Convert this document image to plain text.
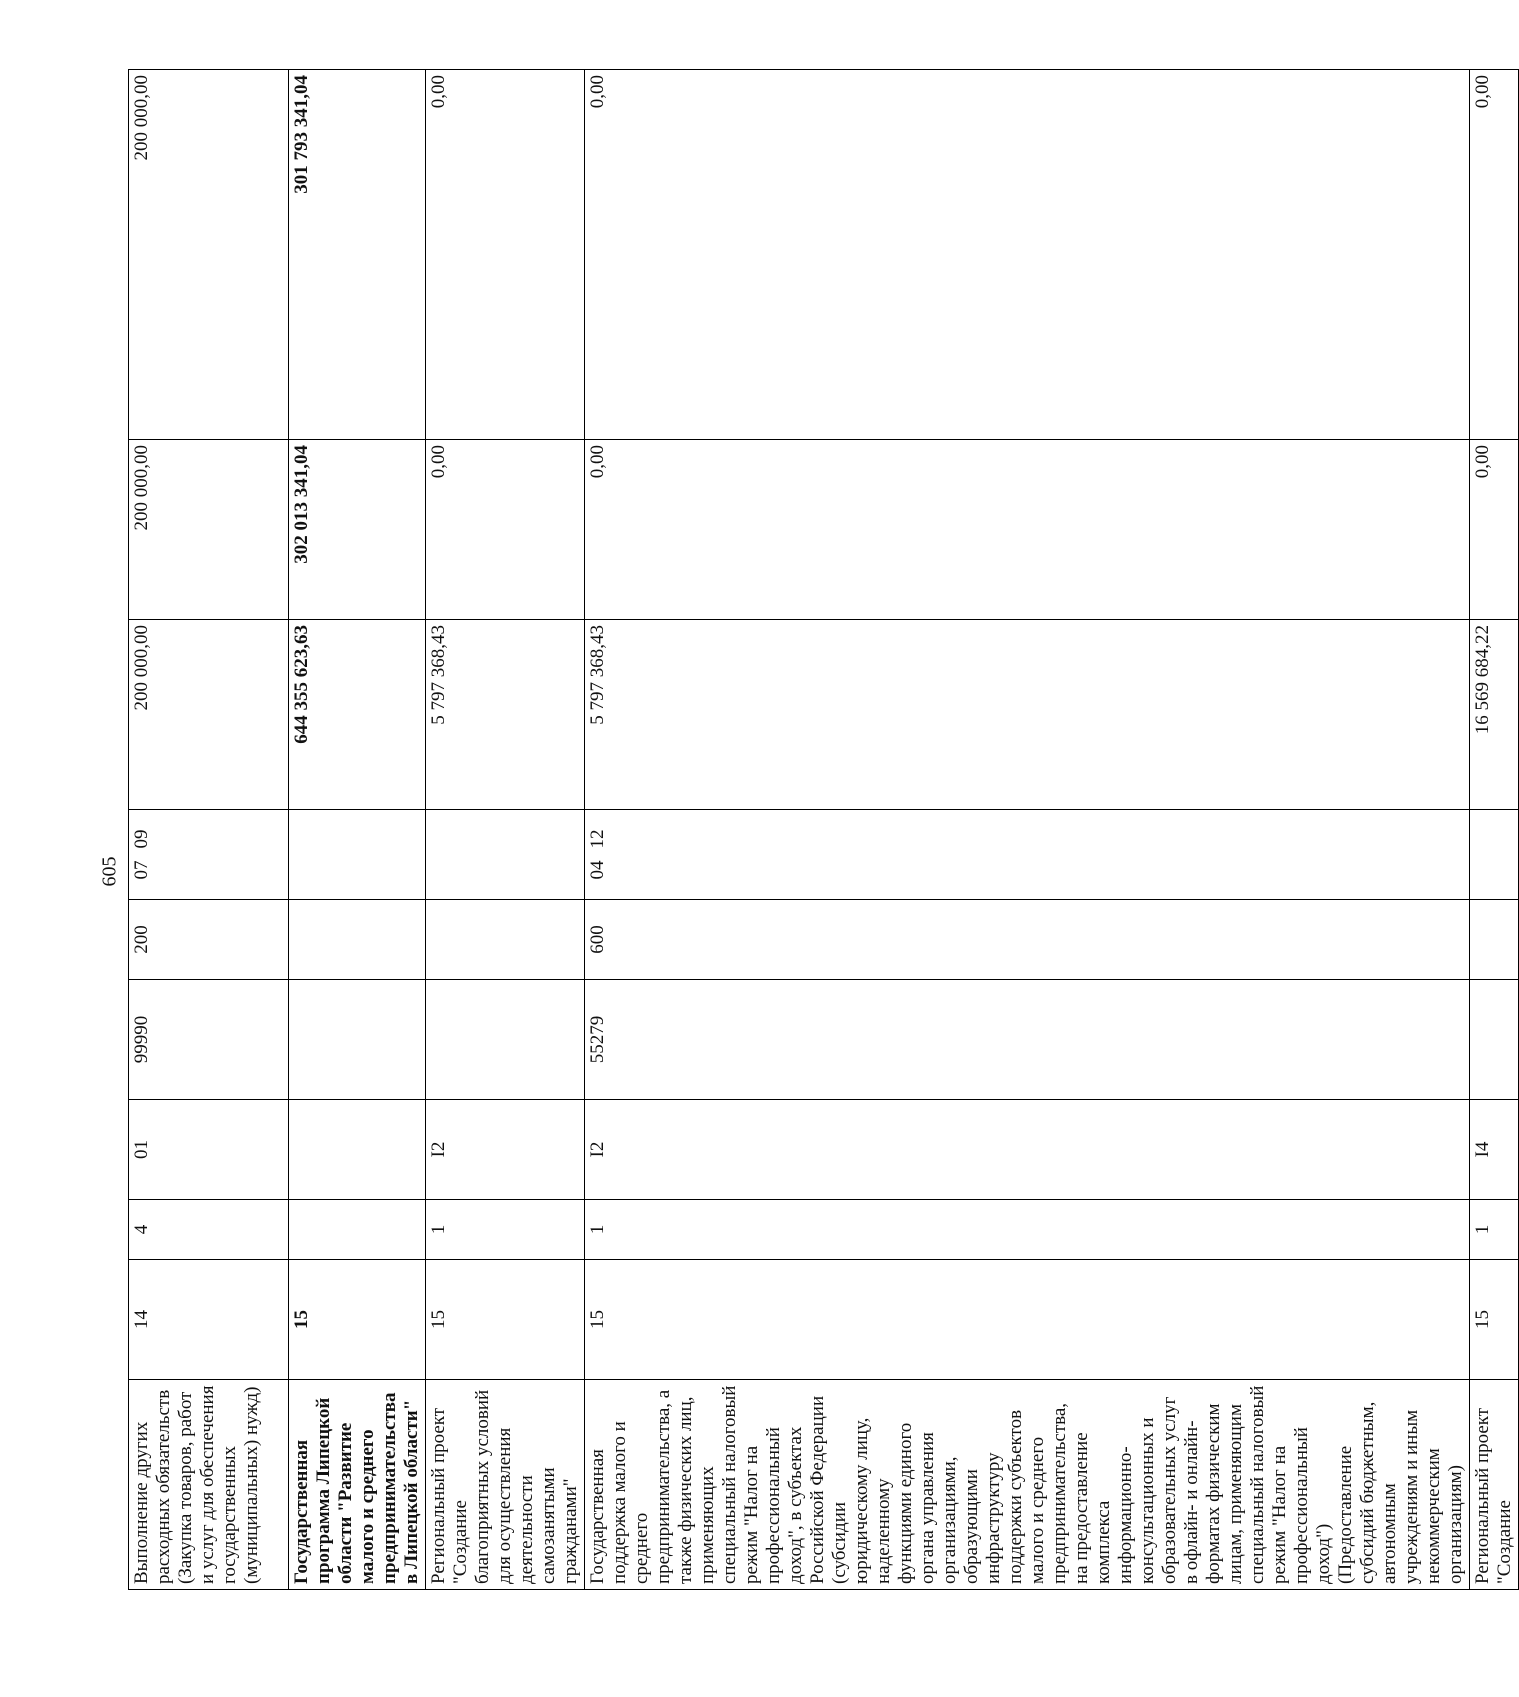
605
Выполнение других расходных обязательств (Закупка товаров, работ и услуг для обеспечения государственных (муниципальных) нужд)	14	4	01	99990	200	0709	200 000,00	200 000,00	200 000,00
Государственная программа Липецкой области "Развитие малого и среднего предпринимательства в Липецкой области"	15						644 355 623,63	302 013 341,04	301 793 341,04
Региональный проект "Создание благоприятных условий для осуществления деятельности самозанятыми гражданами"	15	1	I2				5 797 368,43	0,00	0,00
Государственная поддержка малого и среднего предпринимательства, а также физических лиц, применяющих специальный налоговый режим "Налог на профессиональный доход", в субъектах Российской Федерации (субсидии юридическому лицу, наделенному функциями единого органа управления организациями, образующими инфраструктуру поддержки субъектов малого и среднего предпринимательства, на предоставление комплекса информационно-консультационных и образовательных услуг в офлайн- и онлайн-форматах физическим лицам, применяющим специальный налоговый режим "Налог на профессиональный доход") (Предоставление субсидий бюджетным, автономным учреждениям и иным некоммерческим организациям)	15	1	I2	55279	600	0412	5 797 368,43	0,00	0,00
Региональный проект "Создание	15	1	I4				16 569 684,22	0,00	0,00
